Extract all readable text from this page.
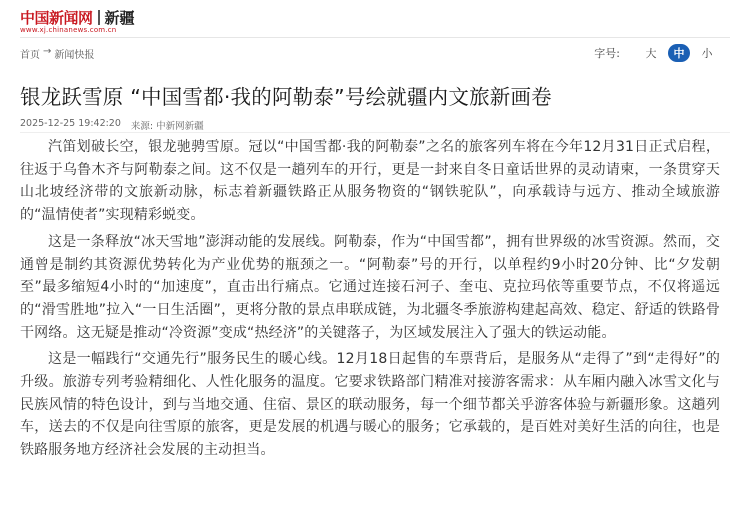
中国新闻网 新疆
www.xj.chinanews.com.cn
首页 → 新闻快报	字号:	大	中	小
银龙跃雪原 “中国雪都·我的阿勒泰”号绘就疆内文旅新画卷
2025-12-25 19:42:20 来源: 中新网新疆

汽笛划破长空，银龙驰骋雪原。冠以“中国雪都·我的阿勒泰”之名的旅客列车将在今年12月31日正式启程，往返于乌鲁木齐与阿勒泰之间。这不仅是一趟列车的开行，更是一封来自冬日童话世界的灵动请柬，一条贯穿天山北坡经济带的文旅新动脉，标志着新疆铁路正从服务物资的“钢铁驼队”，向承载诗与远方、推动全域旅游的“温情使者”实现精彩蜕变。

这是一条释放“冰天雪地”澎湃动能的发展线。阿勒泰，作为“中国雪都”，拥有世界级的冰雪资源。然而，交通曾是制约其资源优势转化为产业优势的瓶颈之一。“阿勒泰”号的开行，以单程约9小时20分钟、比“夕发朝至”最多缩短4小时的“加速度”，直击出行痛点。它通过连接石河子、奎屯、克拉玛依等重要节点，不仅将遥远的“滑雪胜地”拉入“一日生活圈”，更将分散的景点串联成链，为北疆冬季旅游构建起高效、稳定、舒适的铁路骨干网络。这无疑是推动“冷资源”变成“热经济”的关键落子，为区域发展注入了强大的铁运动能。

这是一幅践行“交通先行”服务民生的暖心线。12月18日起售的车票背后，是服务从“走得了”到“走得好”的升级。旅游专列考验精细化、人性化服务的温度。它要求铁路部门精准对接游客需求：从车厢内融入冰雪文化与民族风情的特色设计，到与当地交通、住宿、景区的联动服务，每一个细节都关乎游客体验与新疆形象。这趟列车，送去的不仅是向往雪原的旅客，更是发展的机遇与暖心的服务；它承载的，是百姓对美好生活的向往，也是铁路服务地方经济社会发展的主动担当。
